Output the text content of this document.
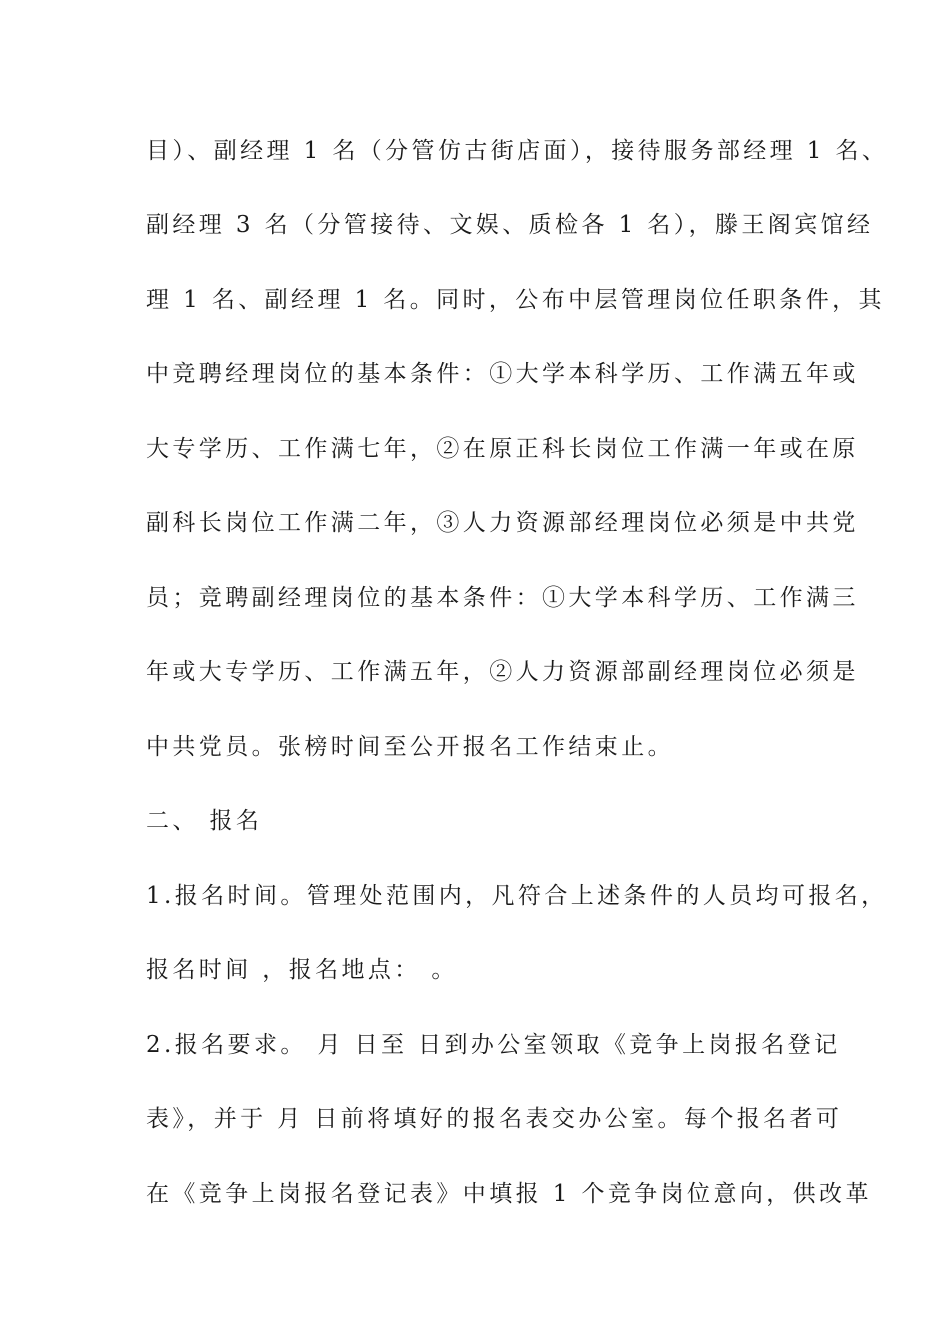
目）、副经理 1 名（分管仿古街店面），接待服务部经理 1 名、
副经理 3 名（分管接待、文娱、质检各 1 名），滕王阁宾馆经
理 1 名、副经理 1 名。同时，公布中层管理岗位任职条件，其
中竞聘经理岗位的基本条件：①大学本科学历、工作满五年或
大专学历、工作满七年，②在原正科长岗位工作满一年或在原
副科长岗位工作满二年，③人力资源部经理岗位必须是中共党
员；竞聘副经理岗位的基本条件：①大学本科学历、工作满三
年或大专学历、工作满五年，②人力资源部副经理岗位必须是
中共党员。张榜时间至公开报名工作结束止。
二、 报名
1.报名时间。管理处范围内，凡符合上述条件的人员均可报名，
报名时间 ，报名地点： 。
2.报名要求。 月 日至 日到办公室领取《竞争上岗报名登记
表》，并于 月 日前将填好的报名表交办公室。每个报名者可
在《竞争上岗报名登记表》中填报 1 个竞争岗位意向，供改革
